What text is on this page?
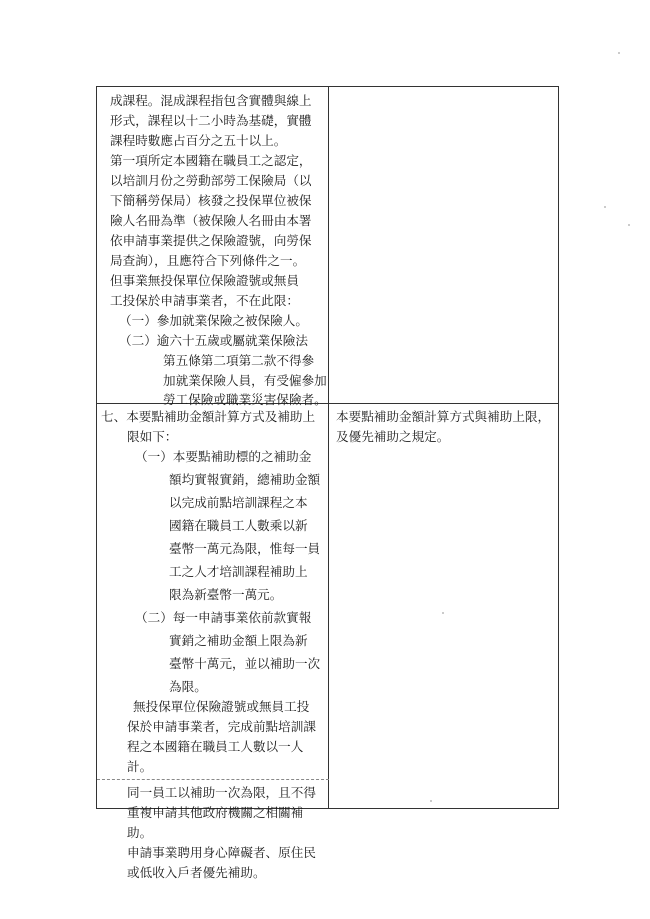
成課程。混成課程指包含實體與線上
形式，課程以十二小時為基礎，實體
課程時數應占百分之五十以上。
第一項所定本國籍在職員工之認定，
以培訓月份之勞動部勞工保險局（以
下簡稱勞保局）核發之投保單位被保
險人名冊為準（被保險人名冊由本署
依申請事業提供之保險證號，向勞保
局查詢），且應符合下列條件之一。
但事業無投保單位保險證號或無員
工投保於申請事業者，不在此限：
（一）參加就業保險之被保險人。
（二）逾六十五歲或屬就業保險法
第五條第二項第二款不得參
加就業保險人員，有受僱參加
勞工保險或職業災害保險者。
七、本要點補助金額計算方式及補助上
限如下：
（一）本要點補助標的之補助金
額均實報實銷，總補助金額
以完成前點培訓課程之本
國籍在職員工人數乘以新
臺幣一萬元為限，惟每一員
工之人才培訓課程補助上
限為新臺幣一萬元。
（二）每一申請事業依前款實報
實銷之補助金額上限為新
臺幣十萬元，並以補助一次
為限。
無投保單位保險證號或無員工投
保於申請事業者，完成前點培訓課
程之本國籍在職員工人數以一人
計。
同一員工以補助一次為限，且不得
重複申請其他政府機關之相關補
助。
申請事業聘用身心障礙者、原住民
或低收入戶者優先補助。
本要點補助金額計算方式與補助上限，
及優先補助之規定。
